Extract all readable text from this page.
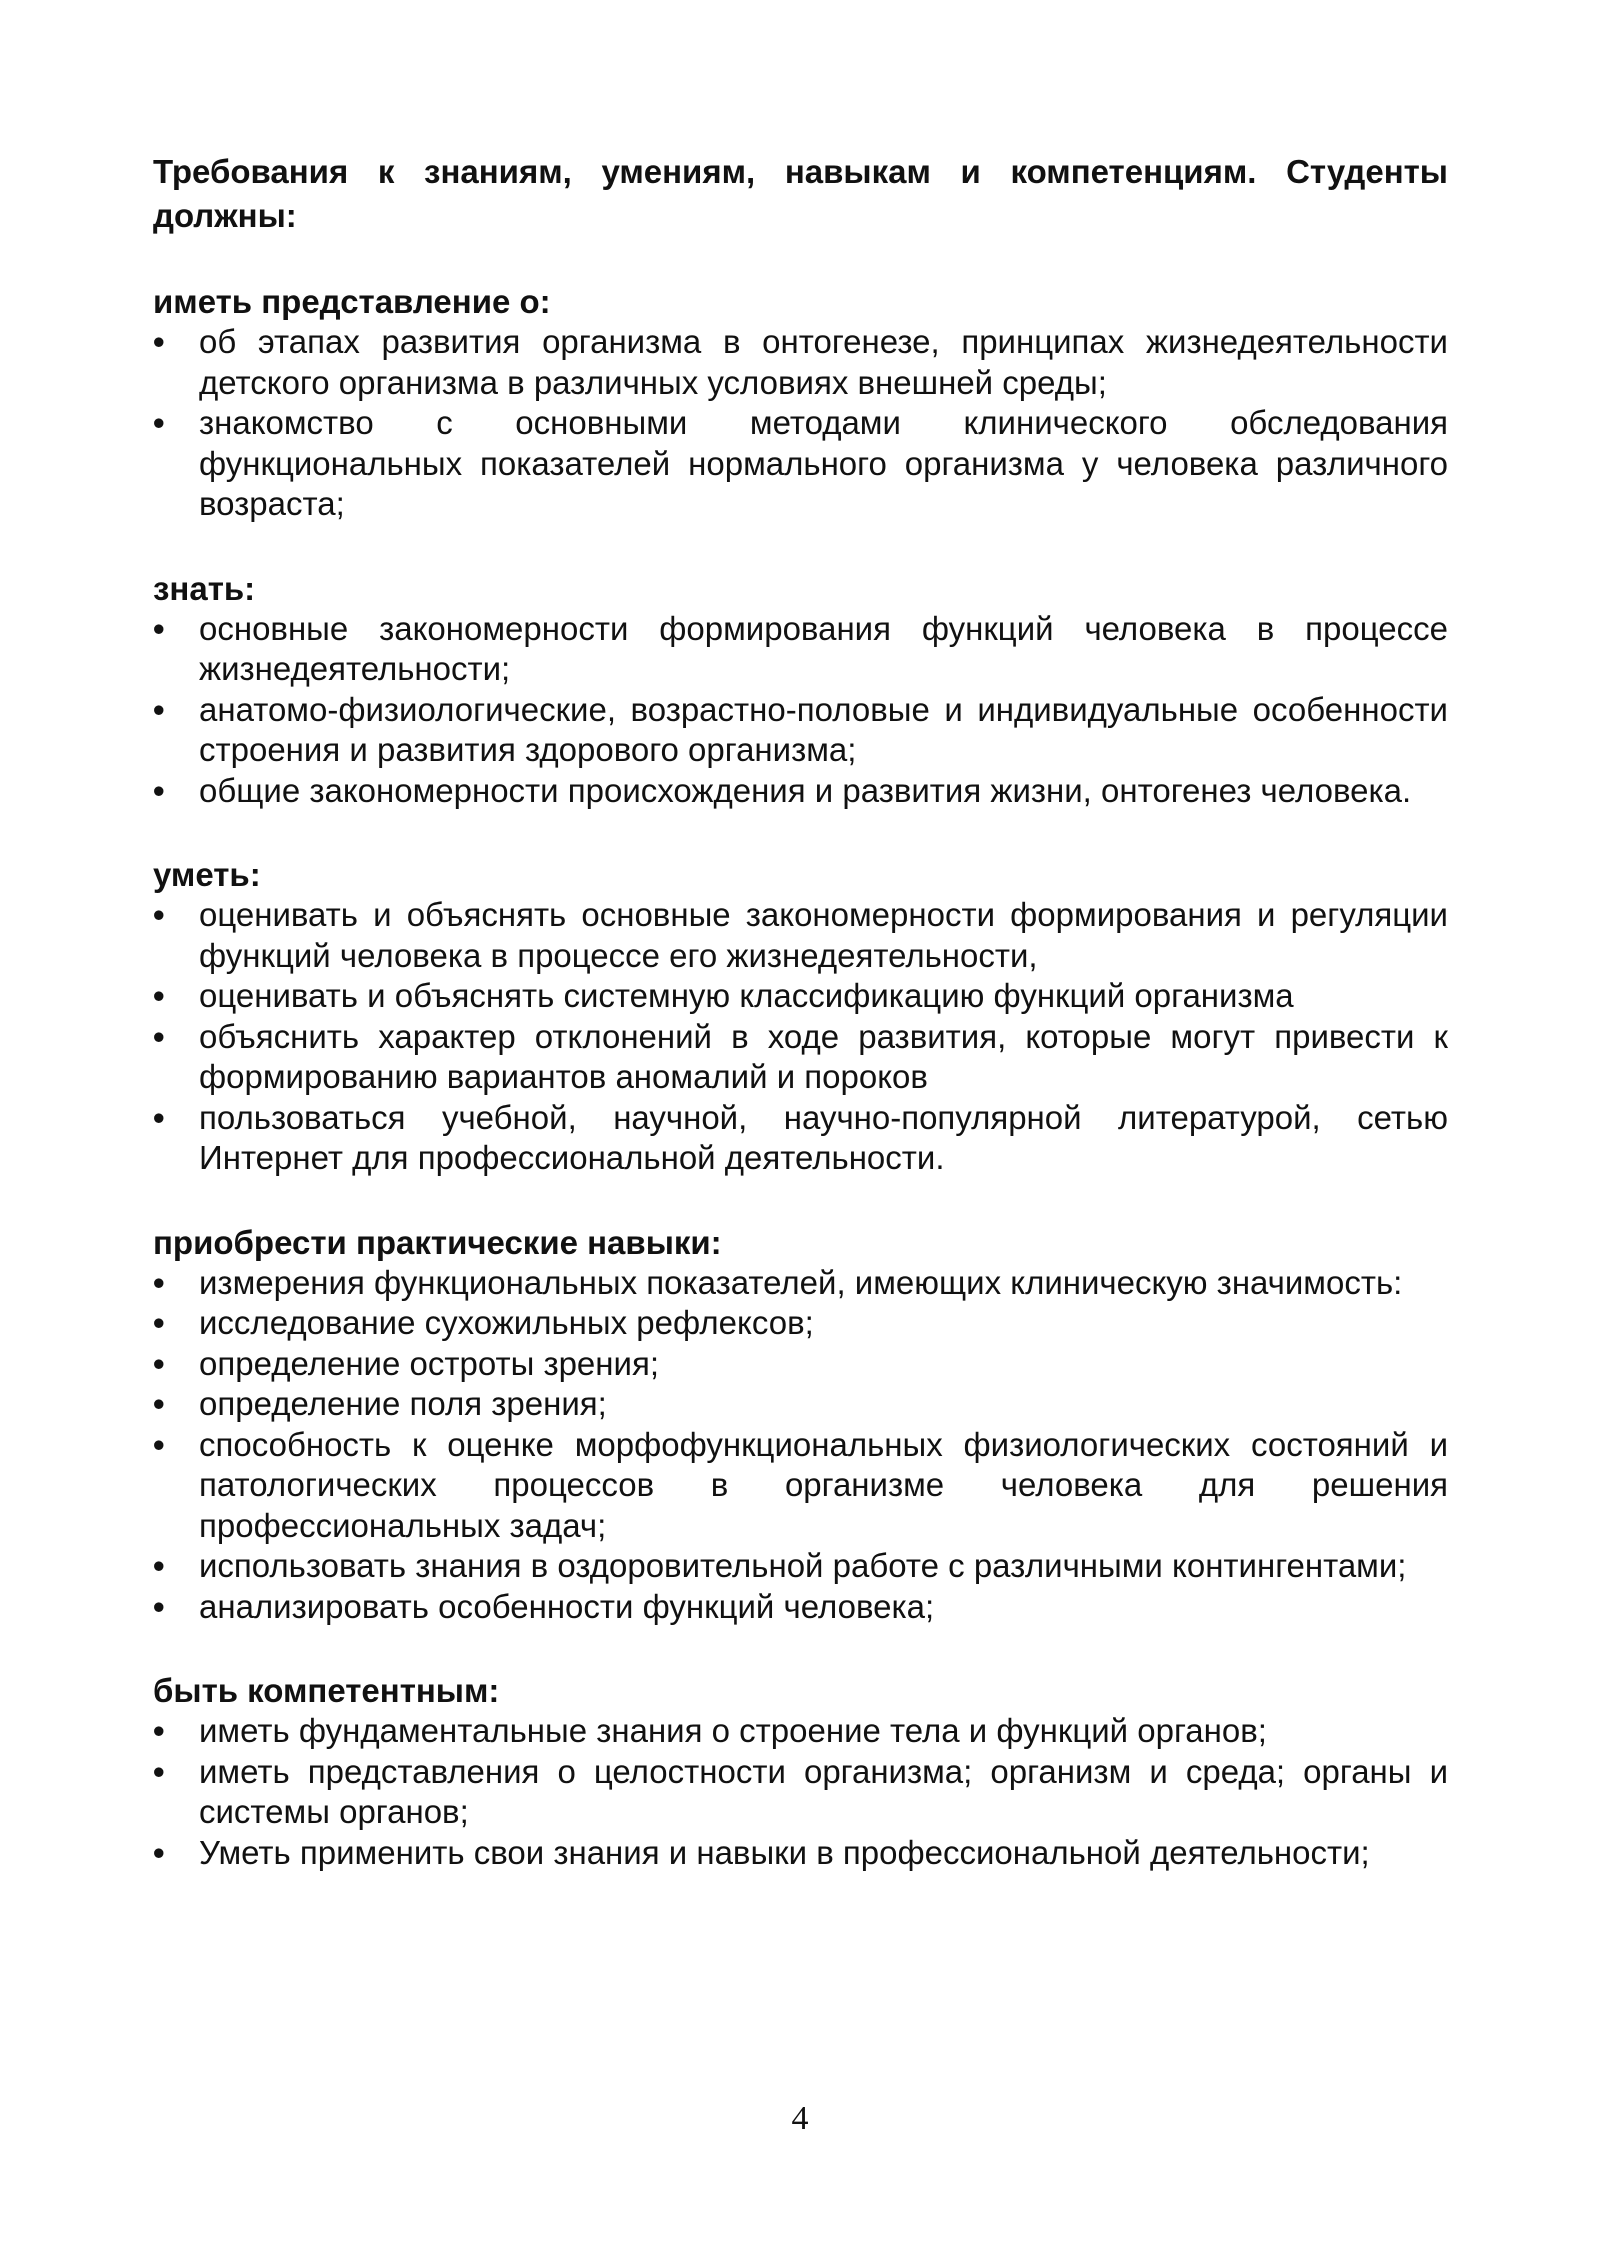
Требования к знаниям, умениям, навыкам и компетенциям. Студенты должны:

иметь представление о:

•	об этапах развития организма в онтогенезе, принципах жизнедеятельности детского организма в различных условиях внешней среды;
•	знакомство с основными методами клинического обследования функциональных показателей нормального организма у человека различного возраста;

знать:

•	основные закономерности формирования функций человека в процессе жизнедеятельности;
•	анатомо-физиологические, возрастно-половые и индивидуальные особенности строения и развития здорового организма;
•	общие закономерности происхождения и развития жизни, онтогенез человека.

уметь:

•	оценивать и объяснять основные закономерности формирования и регуляции функций человека в процессе его жизнедеятельности,
•	оценивать и объяснять системную классификацию функций организма
•	объяснить характер отклонений в ходе развития, которые могут привести к формированию вариантов аномалий и пороков
•	пользоваться учебной, научной, научно-популярной литературой, сетью Интернет для профессиональной деятельности.

приобрести практические навыки:

•	измерения функциональных показателей, имеющих клиническую значимость:
•	исследование сухожильных рефлексов;
•	определение остроты зрения;
•	определение поля зрения;
•	способность к оценке морфофункциональных физиологических состояний и патологических процессов в организме человека для решения профессиональных задач;
•	использовать знания в оздоровительной работе с различными контингентами;
•	анализировать особенности функций человека;

быть компетентным:

•	иметь фундаментальные знания о строение тела и функций органов;
•	иметь представления о целостности организма; организм и среда; органы и системы органов;
•	Уметь применить свои знания и навыки в профессиональной деятельности;
4
